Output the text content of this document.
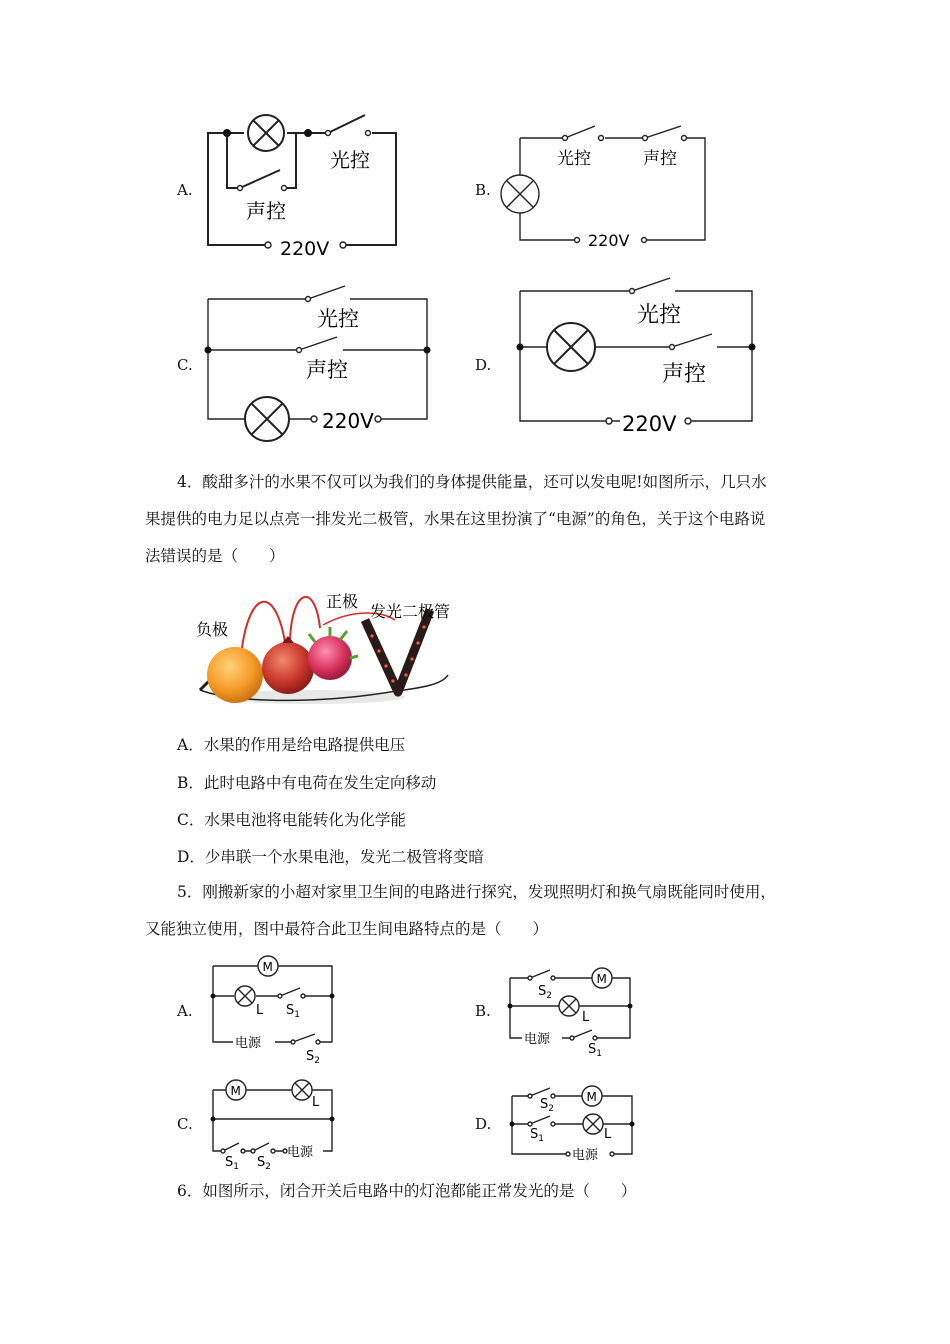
A.
光控
声控
220V
B.
光控	声控
220V
C.
光控
声控
220V
D.
光控
声控
220V
4．酸甜多汁的水果不仅可以为我们的身体提供能量，还可以发电呢!如图所示，几只水
果提供的电力足以点亮一排发光二极管，水果在这里扮演了“电源”的角色，关于这个电路说
法错误的是（　　）
负极
正极
发光二极管
A．水果的作用是给电路提供电压
B．此时电路中有电荷在发生定向移动
C．水果电池将电能转化为化学能
D．少串联一个水果电池，发光二极管将变暗
5．刚搬新家的小超对家里卫生间的电路进行探究，发现照明灯和换气扇既能同时使用，
又能独立使用，图中最符合此卫生间电路特点的是（　　）
A.
M
L $S_1$
电源
$S_2$
B.
M
$S_2$
L
电源
$S_1$
C.
M
L
$S_1$ $S_2$
电源
D.
M
$S_2$
$S_1$	L
电源
6．如图所示，闭合开关后电路中的灯泡都能正常发光的是（　　）
